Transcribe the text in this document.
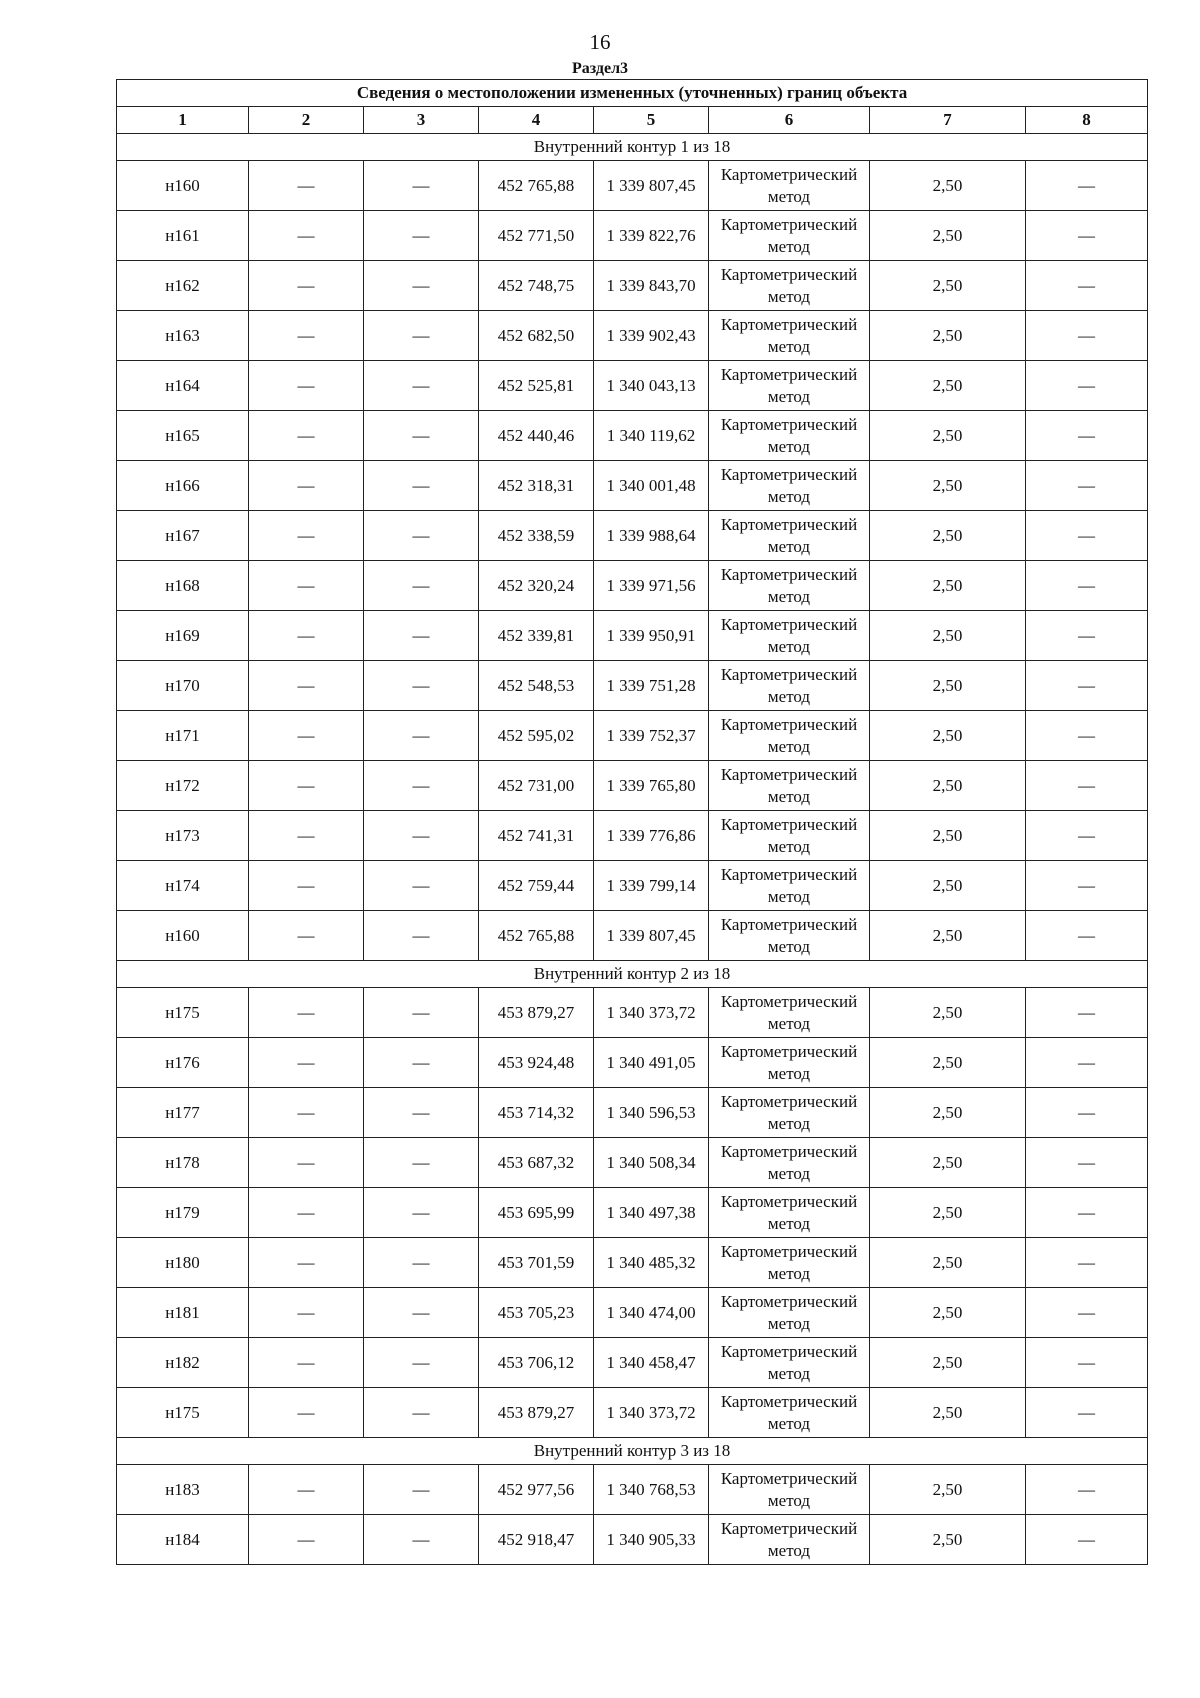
16
Раздел3
Сведения о местоположении измененных (уточненных) границ объекта							
1	2	3	4	5	6	7	8
Внутренний контур 1 из 18							
н160	—	—	452 765,88	1 339 807,45	Картометрический метод	2,50	—
н161	—	—	452 771,50	1 339 822,76	Картометрический метод	2,50	—
н162	—	—	452 748,75	1 339 843,70	Картометрический метод	2,50	—
н163	—	—	452 682,50	1 339 902,43	Картометрический метод	2,50	—
н164	—	—	452 525,81	1 340 043,13	Картометрический метод	2,50	—
н165	—	—	452 440,46	1 340 119,62	Картометрический метод	2,50	—
н166	—	—	452 318,31	1 340 001,48	Картометрический метод	2,50	—
н167	—	—	452 338,59	1 339 988,64	Картометрический метод	2,50	—
н168	—	—	452 320,24	1 339 971,56	Картометрический метод	2,50	—
н169	—	—	452 339,81	1 339 950,91	Картометрический метод	2,50	—
н170	—	—	452 548,53	1 339 751,28	Картометрический метод	2,50	—
н171	—	—	452 595,02	1 339 752,37	Картометрический метод	2,50	—
н172	—	—	452 731,00	1 339 765,80	Картометрический метод	2,50	—
н173	—	—	452 741,31	1 339 776,86	Картометрический метод	2,50	—
н174	—	—	452 759,44	1 339 799,14	Картометрический метод	2,50	—
н160	—	—	452 765,88	1 339 807,45	Картометрический метод	2,50	—
Внутренний контур 2 из 18							
н175	—	—	453 879,27	1 340 373,72	Картометрический метод	2,50	—
н176	—	—	453 924,48	1 340 491,05	Картометрический метод	2,50	—
н177	—	—	453 714,32	1 340 596,53	Картометрический метод	2,50	—
н178	—	—	453 687,32	1 340 508,34	Картометрический метод	2,50	—
н179	—	—	453 695,99	1 340 497,38	Картометрический метод	2,50	—
н180	—	—	453 701,59	1 340 485,32	Картометрический метод	2,50	—
н181	—	—	453 705,23	1 340 474,00	Картометрический метод	2,50	—
н182	—	—	453 706,12	1 340 458,47	Картометрический метод	2,50	—
н175	—	—	453 879,27	1 340 373,72	Картометрический метод	2,50	—
Внутренний контур 3 из 18							
н183	—	—	452 977,56	1 340 768,53	Картометрический метод	2,50	—
н184	—	—	452 918,47	1 340 905,33	Картометрический метод	2,50	—
